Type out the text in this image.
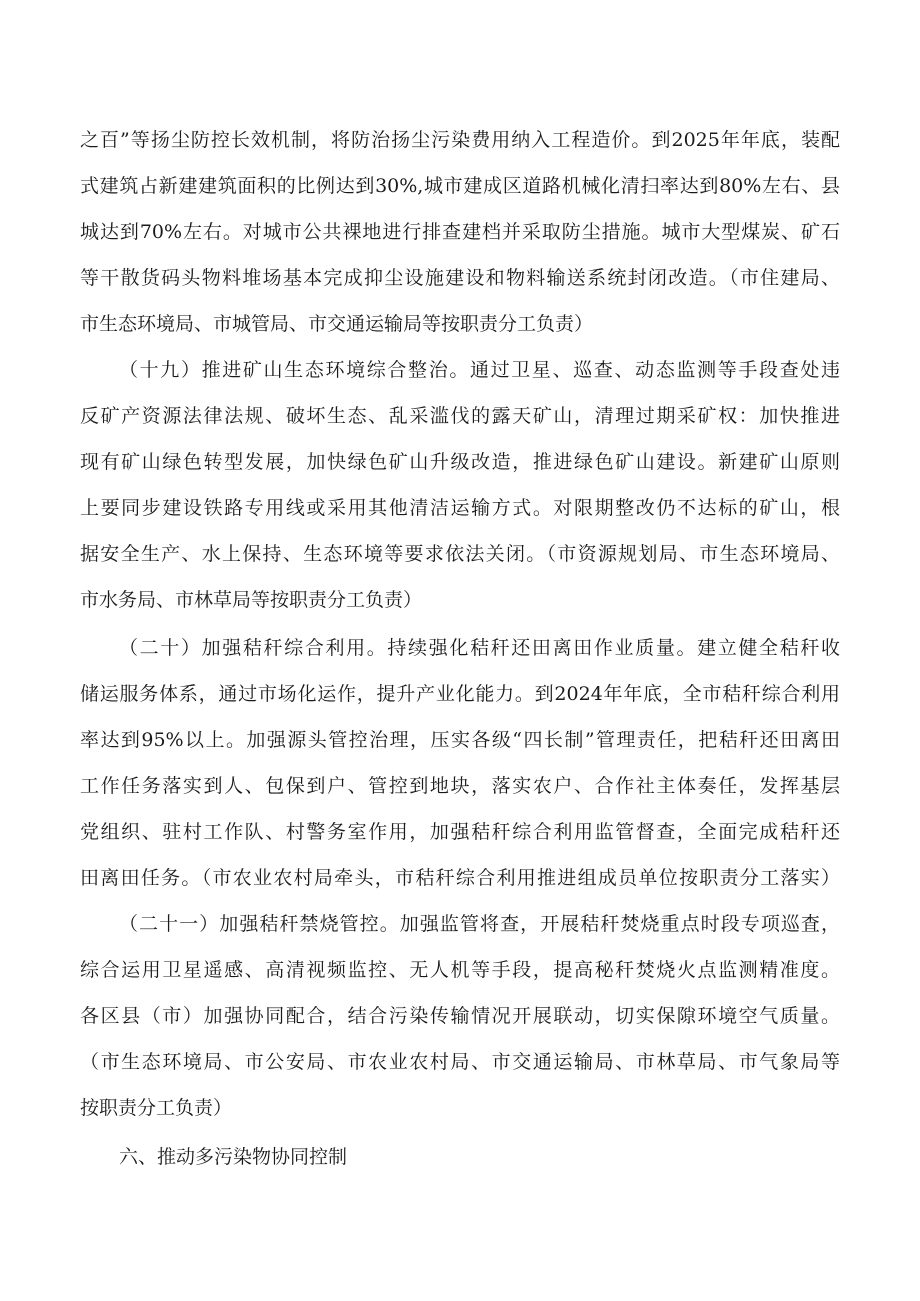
之百”等扬尘防控长效机制，将防治扬尘污染费用纳入工程造价。到2025年年底，装配
式建筑占新建建筑面积的比例达到30%,城市建成区道路机械化清扫率达到80%左右、县
城达到70%左右。对城市公共裸地进行排查建档并采取防尘措施。城市大型煤炭、矿石
等干散货码头物料堆场基本完成抑尘设施建设和物料输送系统封闭改造。（市住建局、
市生态环境局、市城管局、市交通运输局等按职责分工负责）
（十九）推进矿山生态环境综合整治。通过卫星、巡查、动态监测等手段查处违
反矿产资源法律法规、破坏生态、乱采滥伐的露天矿山，清理过期采矿权：加快推进
现有矿山绿色转型发展，加快绿色矿山升级改造，推进绿色矿山建设。新建矿山原则
上要同步建设铁路专用线或采用其他清洁运输方式。对限期整改仍不达标的矿山，根
据安全生产、水上保持、生态环境等要求依法关闭。（市资源规划局、市生态环境局、
市水务局、市林草局等按职责分工负责）
（二十）加强秸秆综合利用。持续强化秸秆还田离田作业质量。建立健全秸秆收
储运服务体系，通过市场化运作，提升产业化能力。到2024年年底，全市秸秆综合利用
率达到95%以上。加强源头管控治理，压实各级“四长制”管理责任，把秸秆还田离田
工作任务落实到人、包保到户、管控到地块，落实农户、合作社主体奏任，发挥基层
党组织、驻村工作队、村警务室作用，加强秸秆综合利用监管督查，全面完成秸秆还
田离田任务。（市农业农村局牵头，市秸秆综合利用推进组成员单位按职责分工落实）
（二十一）加强秸秆禁烧管控。加强监管将查，开展秸秆焚烧重点时段专项巡査，
综合运用卫星遥感、高清视频监控、无人机等手段，提高秘秆焚烧火点监测精准度。
各区县（市）加强协同配合，结合污染传输情况开展联动，切实保隙环境空气质量。
（市生态环境局、市公安局、市农业农村局、市交通运输局、市林草局、市气象局等
按职责分工负责）
六、推动多污染物协同控制
